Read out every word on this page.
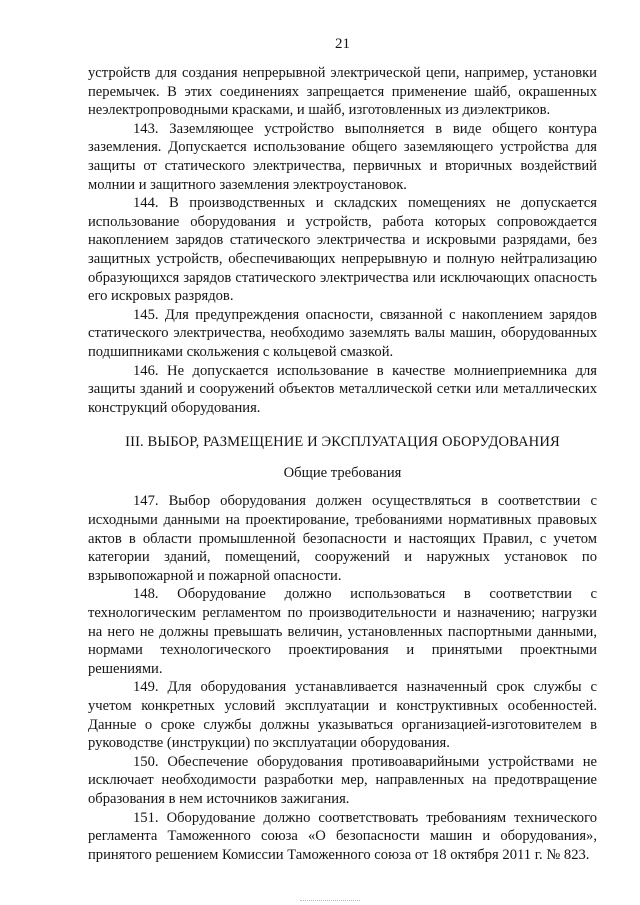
21

устройств для создания непрерывной электрической цепи, например, установки перемычек. В этих соединениях запрещается применение шайб, окрашенных неэлектропроводными красками, и шайб, изготовленных из диэлектриков.

143. Заземляющее устройство выполняется в виде общего контура заземления. Допускается использование общего заземляющего устройства для защиты от статического электричества, первичных и вторичных воздействий молнии и защитного заземления электроустановок.

144. В производственных и складских помещениях не допускается использование оборудования и устройств, работа которых сопровождается накоплением зарядов статического электричества и искровыми разрядами, без защитных устройств, обеспечивающих непрерывную и полную нейтрализацию образующихся зарядов статического электричества или исключающих опасность его искровых разрядов.

145. Для предупреждения опасности, связанной с накоплением зарядов статического электричества, необходимо заземлять валы машин, оборудованных подшипниками скольжения с кольцевой смазкой.

146. Не допускается использование в качестве молниеприемника для защиты зданий и сооружений объектов металлической сетки или металлических конструкций оборудования.

III. ВЫБОР, РАЗМЕЩЕНИЕ И ЭКСПЛУАТАЦИЯ ОБОРУДОВАНИЯ
Общие требования

147. Выбор оборудования должен осуществляться в соответствии с исходными данными на проектирование, требованиями нормативных правовых актов в области промышленной безопасности и настоящих Правил, с учетом категории зданий, помещений, сооружений и наружных установок по взрывопожарной и пожарной опасности.

148. Оборудование должно использоваться в соответствии с технологическим регламентом по производительности и назначению; нагрузки на него не должны превышать величин, установленных паспортными данными, нормами технологического проектирования и принятыми проектными решениями.

149. Для оборудования устанавливается назначенный срок службы с учетом конкретных условий эксплуатации и конструктивных особенностей. Данные о сроке службы должны указываться организацией-изготовителем в руководстве (инструкции) по эксплуатации оборудования.

150. Обеспечение оборудования противоаварийными устройствами не исключает необходимости разработки мер, направленных на предотвращение образования в нем источников зажигания.

151. Оборудование должно соответствовать требованиям технического регламента Таможенного союза «О безопасности машин и оборудования», принятого решением Комиссии Таможенного союза от 18 октября 2011 г. № 823.
